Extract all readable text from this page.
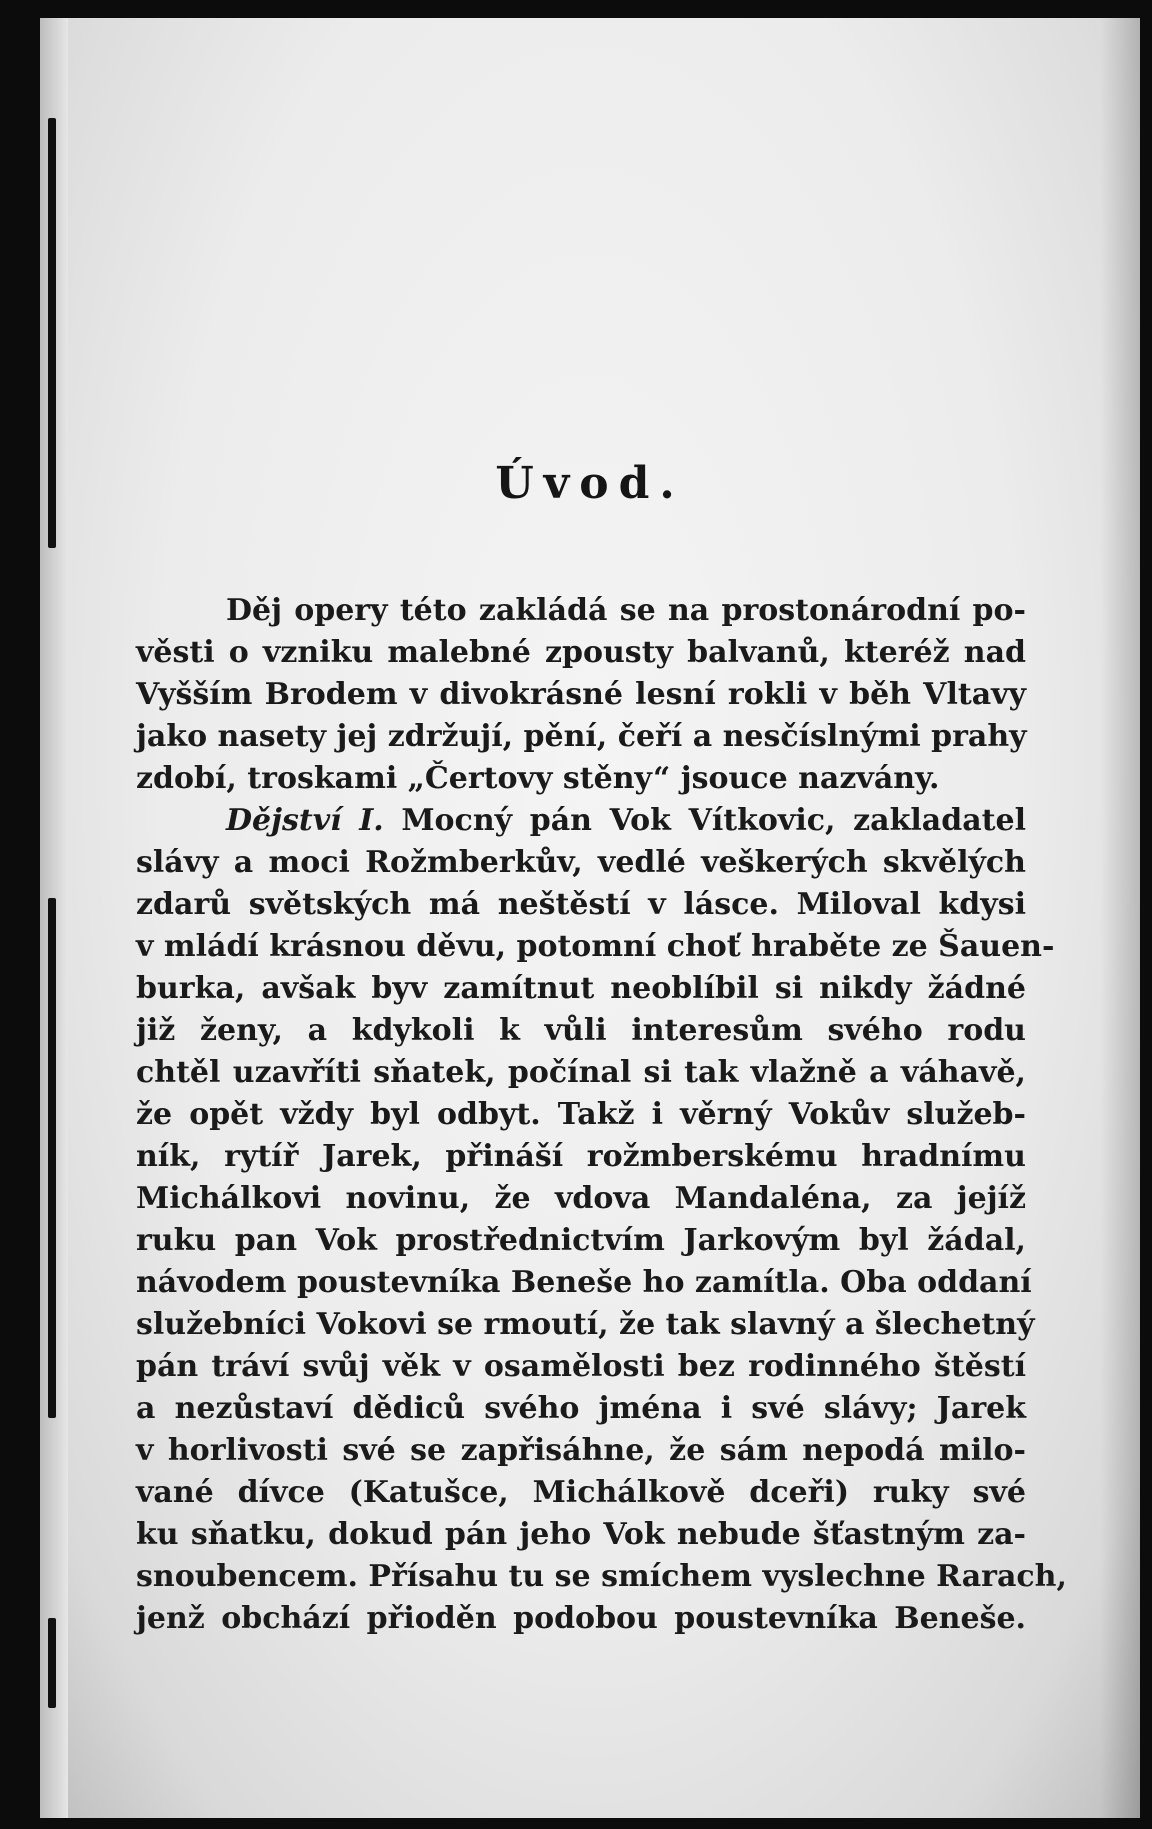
Úvod.
Děj opery této zakládá se na prostonárodní po-
věsti o vzniku malebné zpousty balvanů, kteréž nad
Vyšším Brodem v divokrásné lesní rokli v běh Vltavy
jako nasety jej zdržují, pění, čeří a nesčíslnými prahy
zdobí, troskami „Čertovy stěny“ jsouce nazvány.
Dějství I. Mocný pán Vok Vítkovic, zakladatel
slávy a moci Rožmberkův, vedlé veškerých skvělých
zdarů světských má neštěstí v lásce. Miloval kdysi
v mládí krásnou děvu, potomní choť hraběte ze Šauen-
burka, avšak byv zamítnut neoblíbil si nikdy žádné
již ženy, a kdykoli k vůli interesům svého rodu
chtěl uzavříti sňatek, počínal si tak vlažně a váhavě,
že opět vždy byl odbyt. Takž i věrný Vokův služeb-
ník, rytíř Jarek, přináší rožmberskému hradnímu
Michálkovi novinu, že vdova Mandaléna, za jejíž
ruku pan Vok prostřednictvím Jarkovým byl žádal,
návodem poustevníka Beneše ho zamítla. Oba oddaní
služebníci Vokovi se rmoutí, že tak slavný a šlechetný
pán tráví svůj věk v osamělosti bez rodinného štěstí
a nezůstaví dědiců svého jména i své slávy; Jarek
v horlivosti své se zapřisáhne, že sám nepodá milo-
vané dívce (Katušce, Michálkově dceři) ruky své
ku sňatku, dokud pán jeho Vok nebude šťastným za-
snoubencem. Přísahu tu se smíchem vyslechne Rarach,
jenž obchází přioděn podobou poustevníka Beneše.
